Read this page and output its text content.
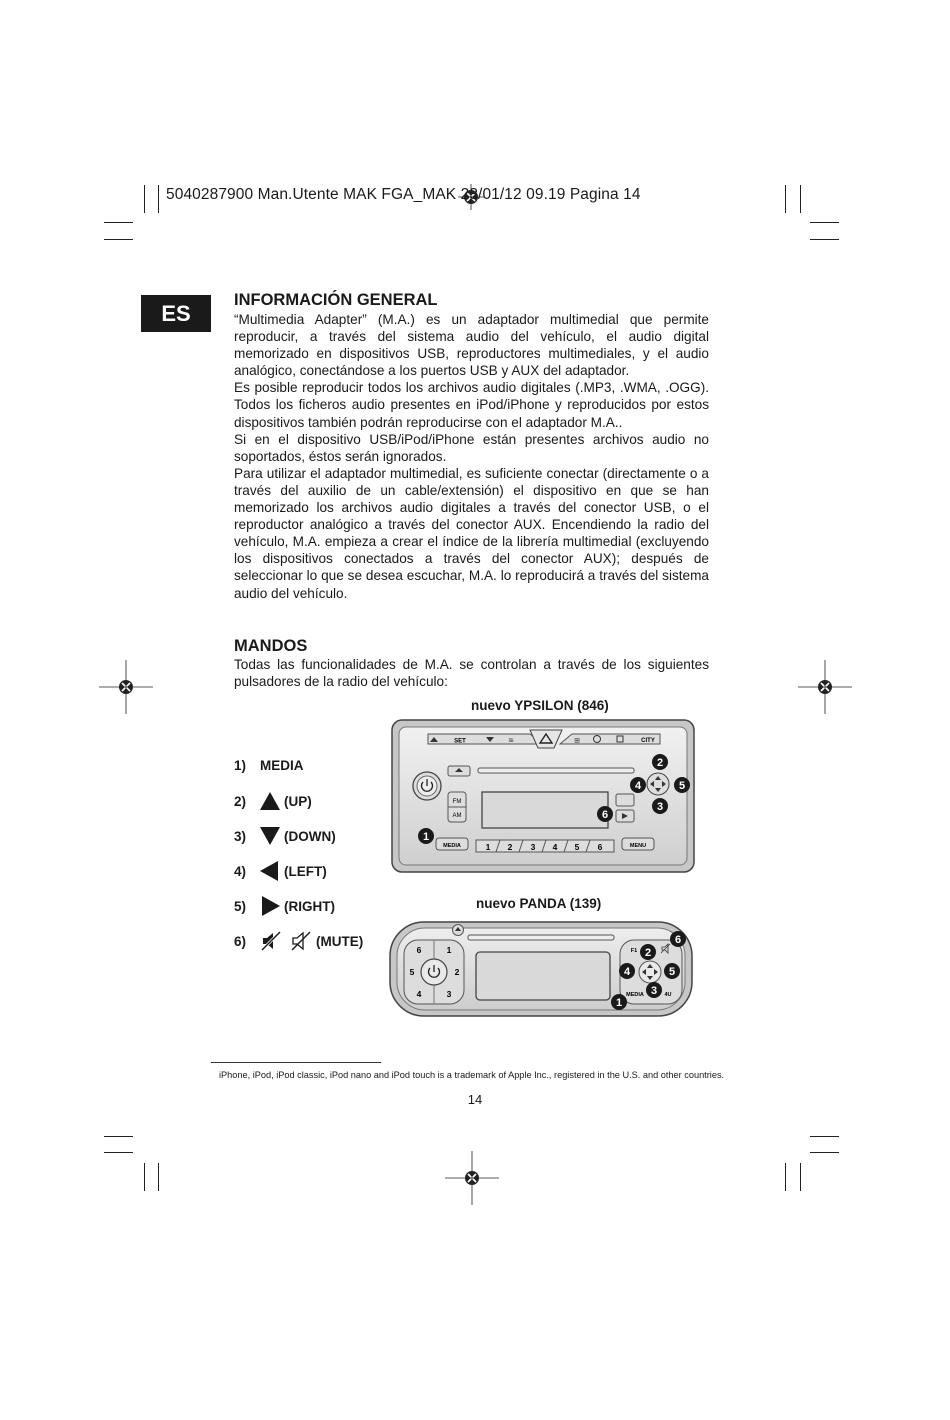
5040287900 Man.Utente MAK FGA_MAK 23/01/12 09.19 Pagina 14
ES
INFORMACIÓN GENERAL

“Multimedia Adapter” (M.A.) es un adaptador multimedial que permite reproducir, a través del sistema audio del vehículo, el audio digital memorizado en dispositivos USB, reproductores multimediales, y el audio analógico, conectándose a los puertos USB y AUX del adaptador.

Es posible reproducir todos los archivos audio digitales (.MP3, .WMA, .OGG). Todos los ficheros audio presentes en iPod/iPhone y reproducidos por estos dispositivos también podrán reproducirse con el adaptador M.A..

Si en el dispositivo USB/iPod/iPhone están presentes archivos audio no soportados, éstos serán ignorados.

Para utilizar el adaptador multimedial, es suficiente conectar (directamente o a través del auxilio de un cable/extensión) el dispositivo en que se han memorizado los archivos audio digitales a través del conector USB, o el reproductor analógico a través del conector AUX. Encendiendo la radio del vehículo, M.A. empieza a crear el índice de la librería multimedial (excluyendo los dispositivos conectados a través del conector AUX); después de seleccionar lo que se desea escuchar, M.A. lo reproducirá a través del sistema audio del vehículo.

MANDOS

Todas las funcionalidades de M.A. se controlan a través de los siguientes pulsadores de la radio del vehículo:

1)	MEDIA
2)	(UP)
3)	(DOWN)
4)	(LEFT)
5)	(RIGHT)
6)	(MUTE)
nuevo YPSILON (846)
nuevo PANDA (139)
SET	≋	⊞	CITY
FM
AM
MEDIA	1 2 3 4 5 6	MENU
1
2
3
4	5
6
6	1
5	2
4	3
F1
MEDIA	4U
1
2
3
4	5
6
iPhone, iPod, iPod classic, iPod nano and iPod touch is a trademark of Apple Inc., registered in the U.S. and other countries.
14
